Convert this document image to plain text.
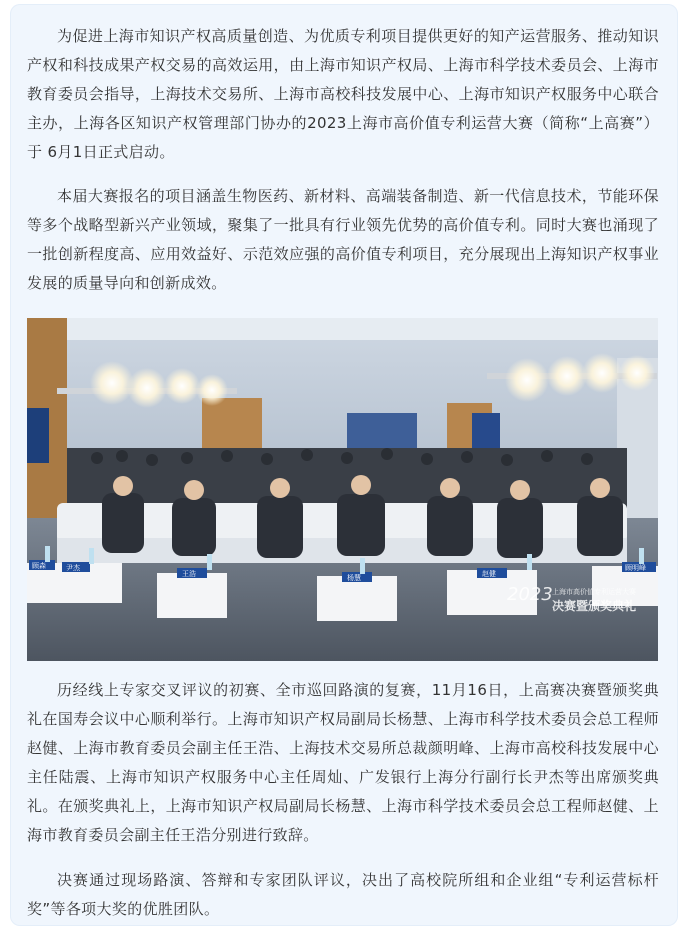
为促进上海市知识产权高质量创造、为优质专利项目提供更好的知产运营服务、推动知识产权和科技成果产权交易的高效运用，由上海市知识产权局、上海市科学技术委员会、上海市教育委员会指导，上海技术交易所、上海市高校科技发展中心、上海市知识产权服务中心联合主办，上海各区知识产权管理部门协办的2023上海市高价值专利运营大赛（简称“上高赛”）于 6月1日正式启动。

本届大赛报名的项目涵盖生物医药、新材料、高端装备制造、新一代信息技术，节能环保等多个战略型新兴产业领域，聚集了一批具有行业领先优势的高价值专利。同时大赛也涌现了一批创新程度高、应用效益好、示范效应强的高价值专利项目，充分展现出上海知识产权事业发展的质量导向和创新成效。

顾森	尹杰
王浩	杨慧	赵健
顾明峰
2023 上海市高价值专利运营大赛
决赛暨颁奖典礼

历经线上专家交叉评议的初赛、全市巡回路演的复赛，11月16日，上高赛决赛暨颁奖典礼在国寿会议中心顺利举行。上海市知识产权局副局长杨慧、上海市科学技术委员会总工程师赵健、上海市教育委员会副主任王浩、上海技术交易所总裁颜明峰、上海市高校科技发展中心主任陆震、上海市知识产权服务中心主任周灿、广发银行上海分行副行长尹杰等出席颁奖典礼。在颁奖典礼上，上海市知识产权局副局长杨慧、上海市科学技术委员会总工程师赵健、上海市教育委员会副主任王浩分别进行致辞。

决赛通过现场路演、答辩和专家团队评议，决出了高校院所组和企业组“专利运营标杆奖”等各项大奖的优胜团队。
